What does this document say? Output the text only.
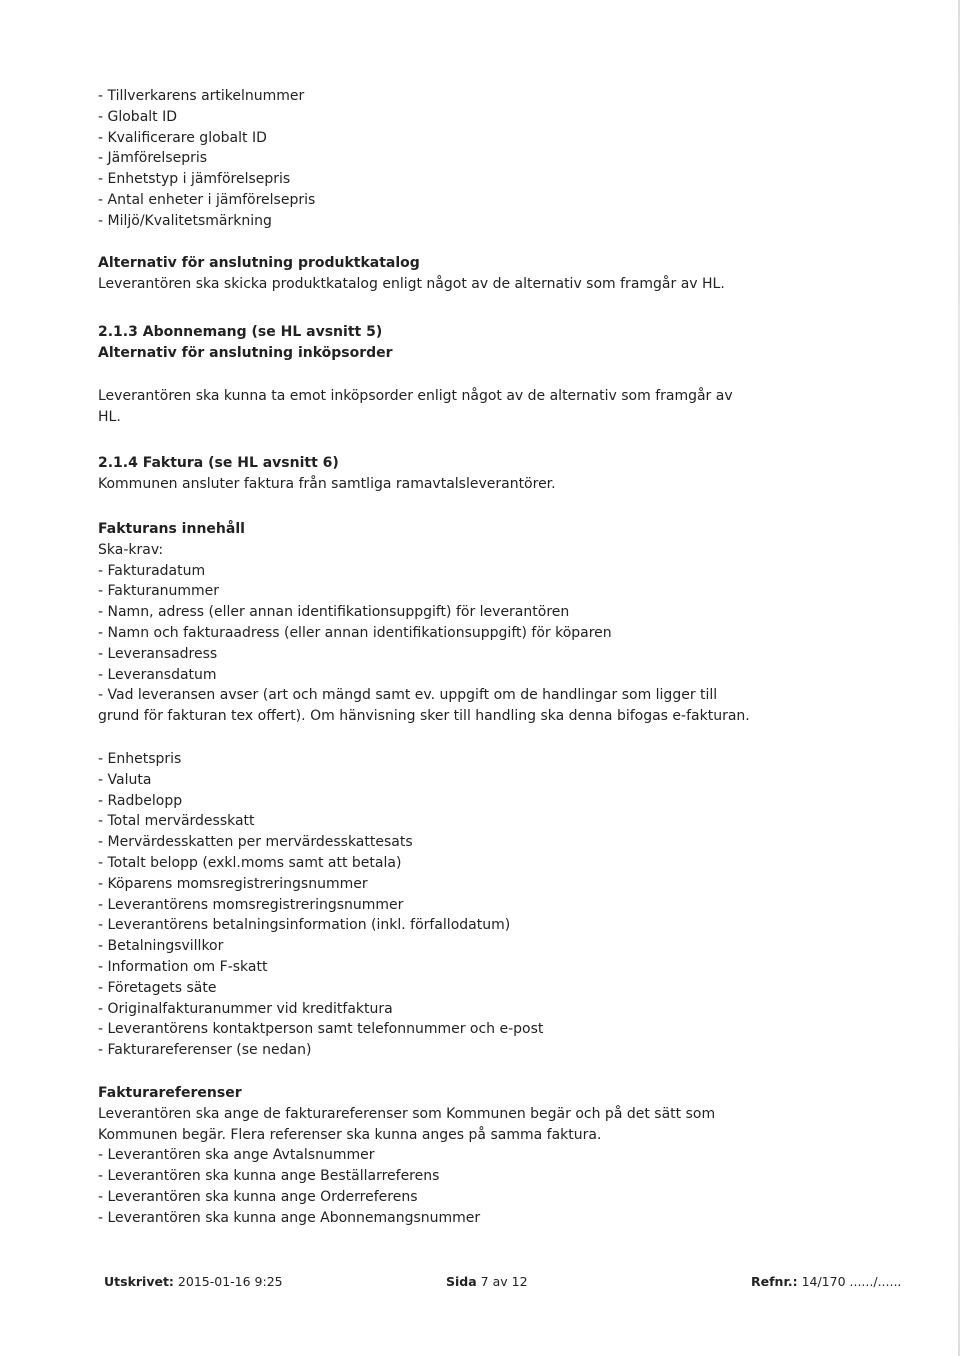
- Tillverkarens artikelnummer
- Globalt ID
- Kvalificerare globalt ID
- Jämförelsepris
- Enhetstyp i jämförelsepris
- Antal enheter i jämförelsepris
- Miljö/Kvalitetsmärkning
Alternativ för anslutning produktkatalog
Leverantören ska skicka produktkatalog enligt något av de alternativ som framgår av HL.
2.1.3 Abonnemang (se HL avsnitt 5)
Alternativ för anslutning inköpsorder
Leverantören ska kunna ta emot inköpsorder enligt något av de alternativ som framgår av
HL.
2.1.4 Faktura (se HL avsnitt 6)
Kommunen ansluter faktura från samtliga ramavtalsleverantörer.
Fakturans innehåll
Ska-krav:
- Fakturadatum
- Fakturanummer
- Namn, adress (eller annan identifikationsuppgift) för leverantören
- Namn och fakturaadress (eller annan identifikationsuppgift) för köparen
- Leveransadress
- Leveransdatum
- Vad leveransen avser (art och mängd samt ev. uppgift om de handlingar som ligger till
grund för fakturan tex offert). Om hänvisning sker till handling ska denna bifogas e-fakturan.
- Enhetspris
- Valuta
- Radbelopp
- Total mervärdesskatt
- Mervärdesskatten per mervärdesskattesats
- Totalt belopp (exkl.moms samt att betala)
- Köparens momsregistreringsnummer
- Leverantörens momsregistreringsnummer
- Leverantörens betalningsinformation (inkl. förfallodatum)
- Betalningsvillkor
- Information om F-skatt
- Företagets säte
- Originalfakturanummer vid kreditfaktura
- Leverantörens kontaktperson samt telefonnummer och e-post
- Fakturareferenser (se nedan)
Fakturareferenser
Leverantören ska ange de fakturareferenser som Kommunen begär och på det sätt som
Kommunen begär. Flera referenser ska kunna anges på samma faktura.
- Leverantören ska ange Avtalsnummer
- Leverantören ska kunna ange Beställarreferens
- Leverantören ska kunna ange Orderreferens
- Leverantören ska kunna ange Abonnemangsnummer
Utskrivet: 2015-01-16 9:25	Sida 7 av 12	Refnr.: 14/170 ....../......
